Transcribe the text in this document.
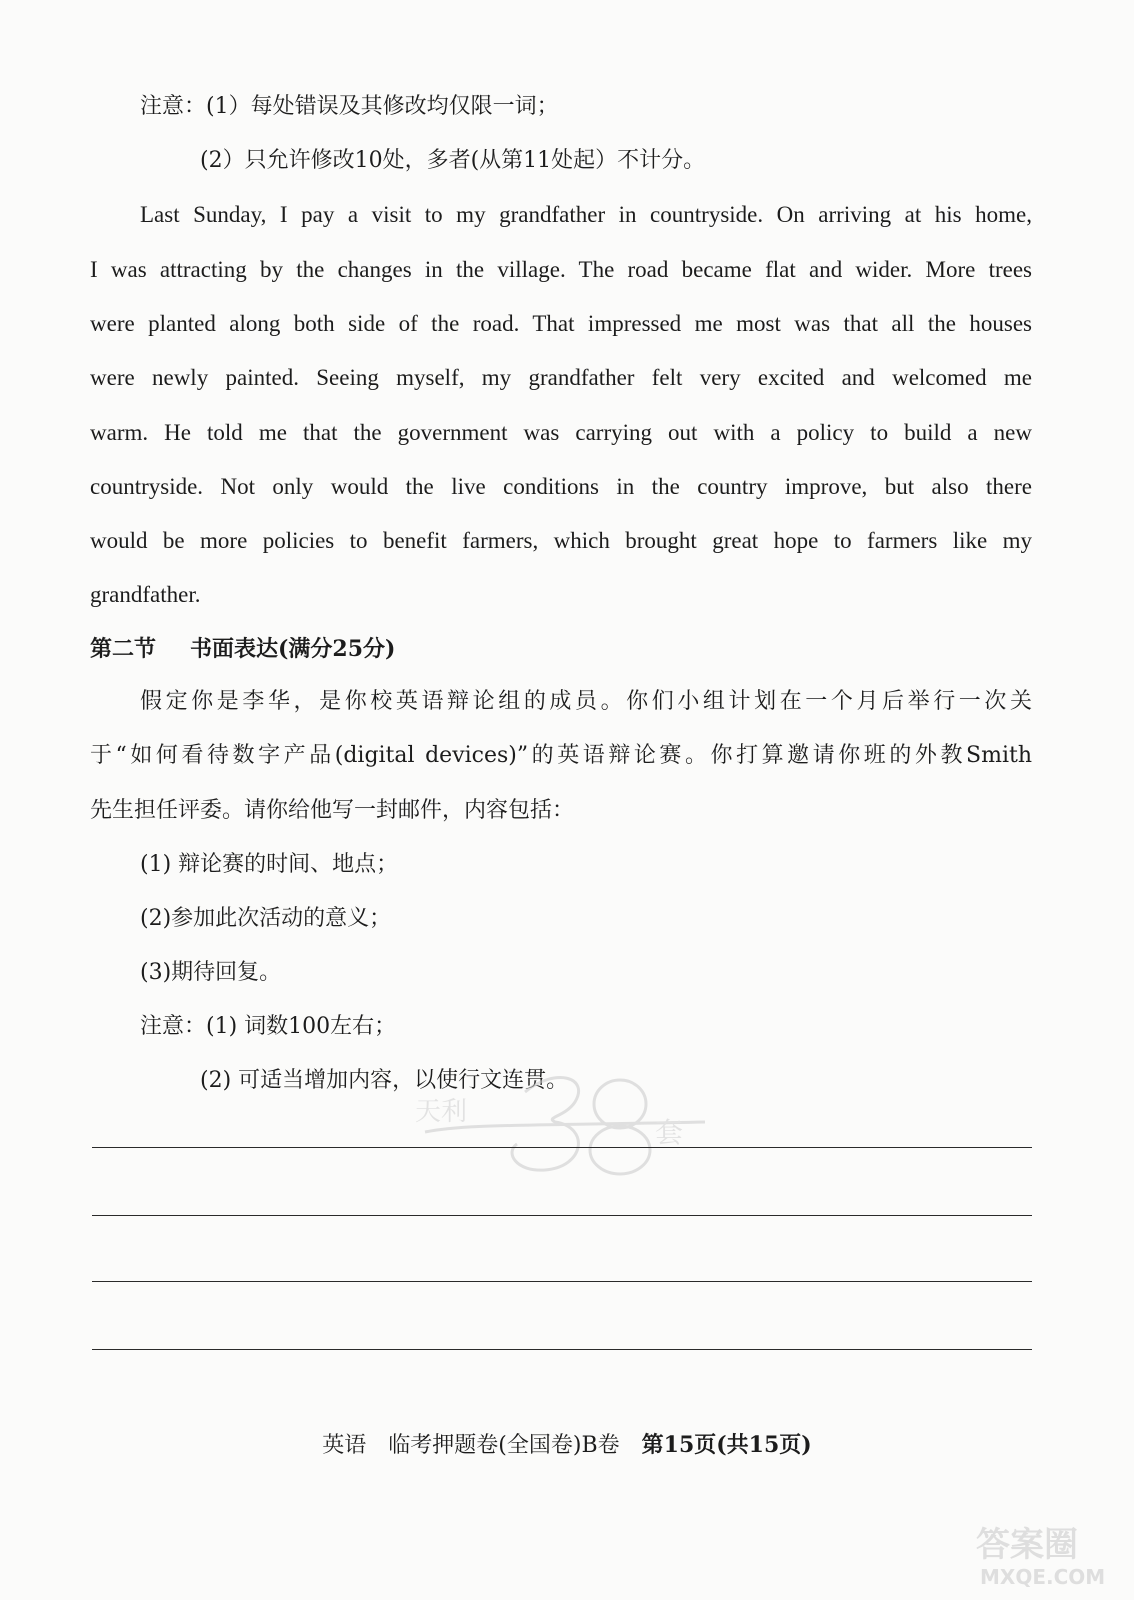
注意：(1）每处错误及其修改均仅限一词；
(2）只允许修改10处，多者(从第11处起）不计分。
Last Sunday, I pay a visit to my grandfather in countryside. On arriving at his home,
I was attracting by the changes in the village. The road became flat and wider. More trees
were planted along both side of the road. That impressed me most was that all the houses
were newly painted. Seeing myself, my grandfather felt very excited and welcomed me
warm. He told me that the government was carrying out with a policy to build a new
countryside. Not only would the live conditions in the country improve, but also there
would be more policies to benefit farmers, which brought great hope to farmers like my
grandfather.
第二节 书面表达(满分25分)
假定你是李华，是你校英语辩论组的成员。你们小组计划在一个月后举行一次关
于“如何看待数字产品(digital devices)”的英语辩论赛。你打算邀请你班的外教Smith
先生担任评委。请你给他写一封邮件，内容包括：
(1) 辩论赛的时间、地点；
(2)参加此次活动的意义；
(3)期待回复。
注意：(1) 词数100左右；
(2) 可适当增加内容，以使行文连贯。
天利
套
英语 临考押题卷(全国卷)B卷 第15页(共15页)
答案圈
MXQE.COM
